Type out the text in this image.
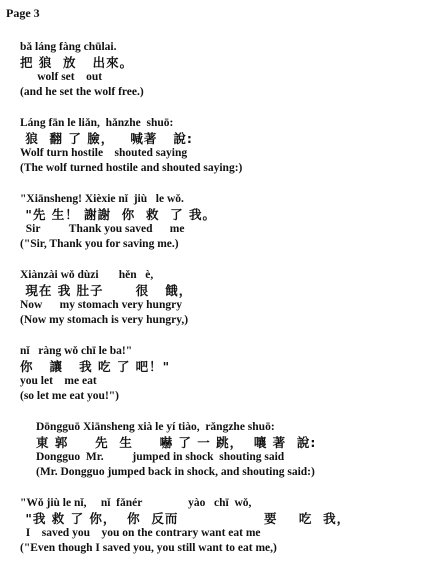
Page 3
bǎ láng fàng chūlai.
把 狼  放   出來。
wolf set    out
(and he set the wolf free.)
Láng fān le liǎn,  hǎnzhe  shuō:
狼  翻 了 臉，   喊著   說:
Wolf turn hostile    shouted saying
(The wolf turned hostile and shouted saying:)
"Xiānsheng! Xièxie nǐ  jiù   le wǒ.
"先 生！ 謝謝  你  救  了 我。
Sir          Thank you saved      me
("Sir, Thank you for saving me.)
Xiànzài wǒ dùzi       hěn   è,
現在 我 肚子      很   餓，
Now      my stomach very hungry
(Now my stomach is very hungry,)
nǐ   ràng wǒ chī le ba!"
你   讓   我 吃 了 吧！"
you let    me eat
(so let me eat you!")
Dōngguō Xiānsheng xià le yí tiào,  rǎngzhe shuō:
東 郭     先  生     嚇 了 一 跳，  嚷 著  說:
Dongguo  Mr.          jumped in shock  shouting said
(Mr. Dongguo jumped back in shock, and shouting said:)
"Wǒ jiù le nǐ,     nǐ  fǎnér                yào   chī  wǒ,
"我 救 了 你，  你  反而                要    吃  我，
I    saved you    you on the contrary want eat me
("Even though I saved you, you still want to eat me,)
